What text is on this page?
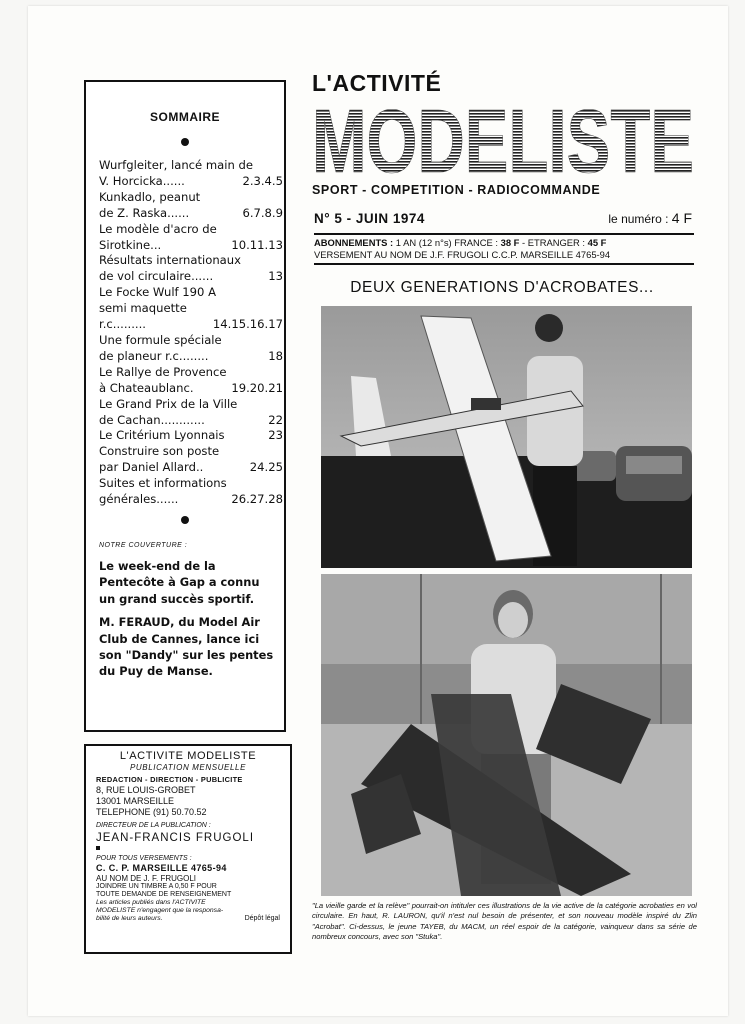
SOMMAIRE
Wurfgleiter, lancé main de
V. Horcicka ......	2.3.4.5
Kunkadlo, peanut
de Z. Raska ......	6.7.8.9
Le modèle d'acro de
Sirotkine ...	10.11.13
Résultats internationaux
de vol circulaire ......	13
Le Focke Wulf 190 A
semi maquette
r.c .........	14.15.16.17
Une formule spéciale
de planeur r.c ........	18
Le Rallye de Provence
à Chateaublanc .	19.20.21
Le Grand Prix de la Ville
de Cachan ............	22
Le Critérium Lyonnais	23
Construire son poste
par Daniel Allard ..	24.25
Suites et informations
générales ......	26.27.28
NOTRE COUVERTURE :

Le week-end de la Pentecôte à Gap a connu un grand succès sportif.

M. FERAUD, du Model Air Club de Cannes, lance ici son "Dandy" sur les pentes du Puy de Manse.

L'ACTIVITE MODELISTE
PUBLICATION MENSUELLE
REDACTION - DIRECTION - PUBLICITE
8, RUE LOUIS-GROBET
13001 MARSEILLE
TELEPHONE (91) 50.70.52
DIRECTEUR DE LA PUBLICATION :
JEAN-FRANCIS FRUGOLI
POUR TOUS VERSEMENTS :
C. C. P. MARSEILLE 4765-94
AU NOM DE J. F. FRUGOLI
JOINDRE UN TIMBRE A 0,50 F POUR
TOUTE DEMANDE DE RENSEIGNEMENT
Les articles publiés dans l'ACTIVITE
MODELISTE n'engagent que la responsa-
bilité de leurs auteurs.	Dépôt légal
L'ACTIVITÉ
MODELISTE
SPORT - COMPETITION - RADIOCOMMANDE
N° 5 - JUIN 1974	le numéro : 4 F
ABONNEMENTS : 1 AN (12 n°s) FRANCE : 38 F - ETRANGER : 45 F
VERSEMENT AU NOM DE J.F. FRUGOLI C.C.P. MARSEILLE 4765-94
DEUX GENERATIONS D'ACROBATES...
"La vieille garde et la relève" pourrait-on intituler ces illustrations de la vie active de la catégorie acrobaties en vol circulaire. En haut, R. LAURON, qu'il n'est nul besoin de présenter, et son nouveau modèle inspiré du Zlin "Acrobat". Ci-dessus, le jeune TAYEB, du MACM, un réel espoir de la catégorie, vainqueur dans sa série de nombreux concours, avec son "Stuka".
